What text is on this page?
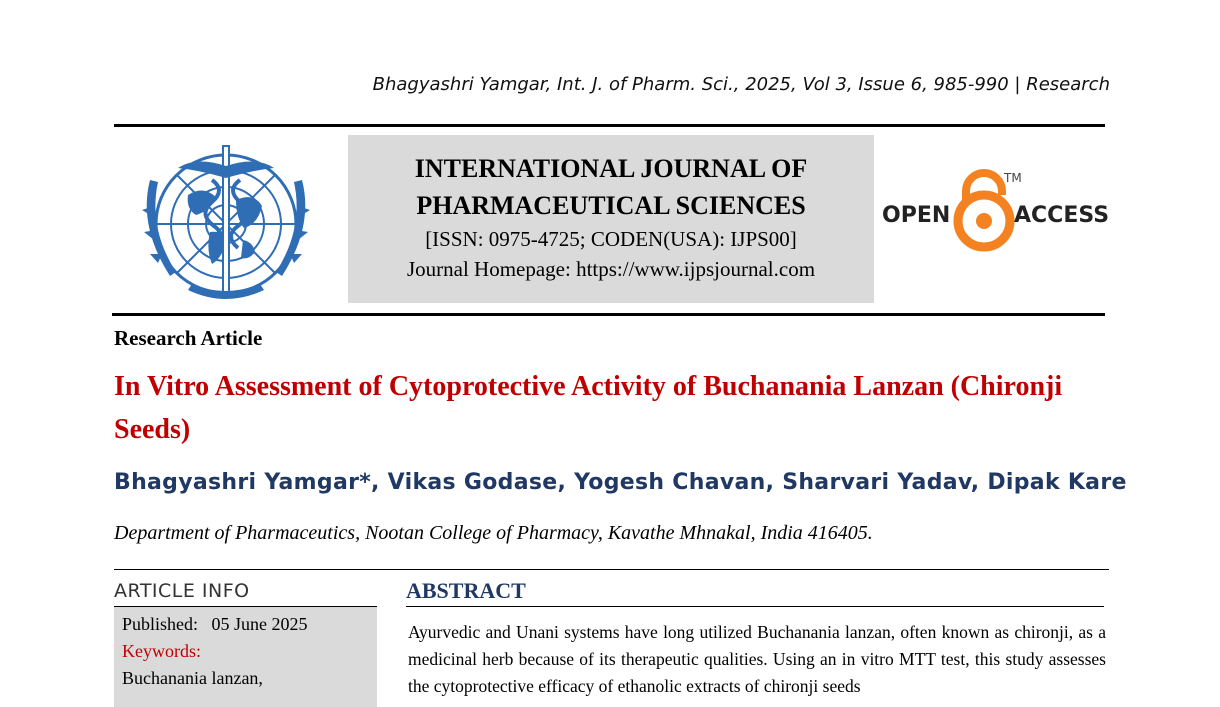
Bhagyashri Yamgar, Int. J. of Pharm. Sci., 2025, Vol 3, Issue 6, 985-990 | Research
INTERNATIONAL JOURNAL OF
PHARMACEUTICAL SCIENCES
[ISSN: 0975-4725; CODEN(USA): IJPS00]
Journal Homepage: https://www.ijpsjournal.com
OPEN
TM
ACCESS
Research Article
In Vitro Assessment of Cytoprotective Activity of Buchanania Lanzan (Chironji Seeds)
Bhagyashri Yamgar*, Vikas Godase, Yogesh Chavan, Sharvari Yadav, Dipak Kare
Department of Pharmaceutics, Nootan College of Pharmacy, Kavathe Mhnakal, India 416405.
ARTICLE INFO
Published: 05 June 2025
Keywords:
Buchanania lanzan,
ABSTRACT
Ayurvedic and Unani systems have long utilized Buchanania lanzan, often known as chironji, as a medicinal herb because of its therapeutic qualities. Using an in vitro MTT test, this study assesses the cytoprotective efficacy of ethanolic extracts of chironji seeds
